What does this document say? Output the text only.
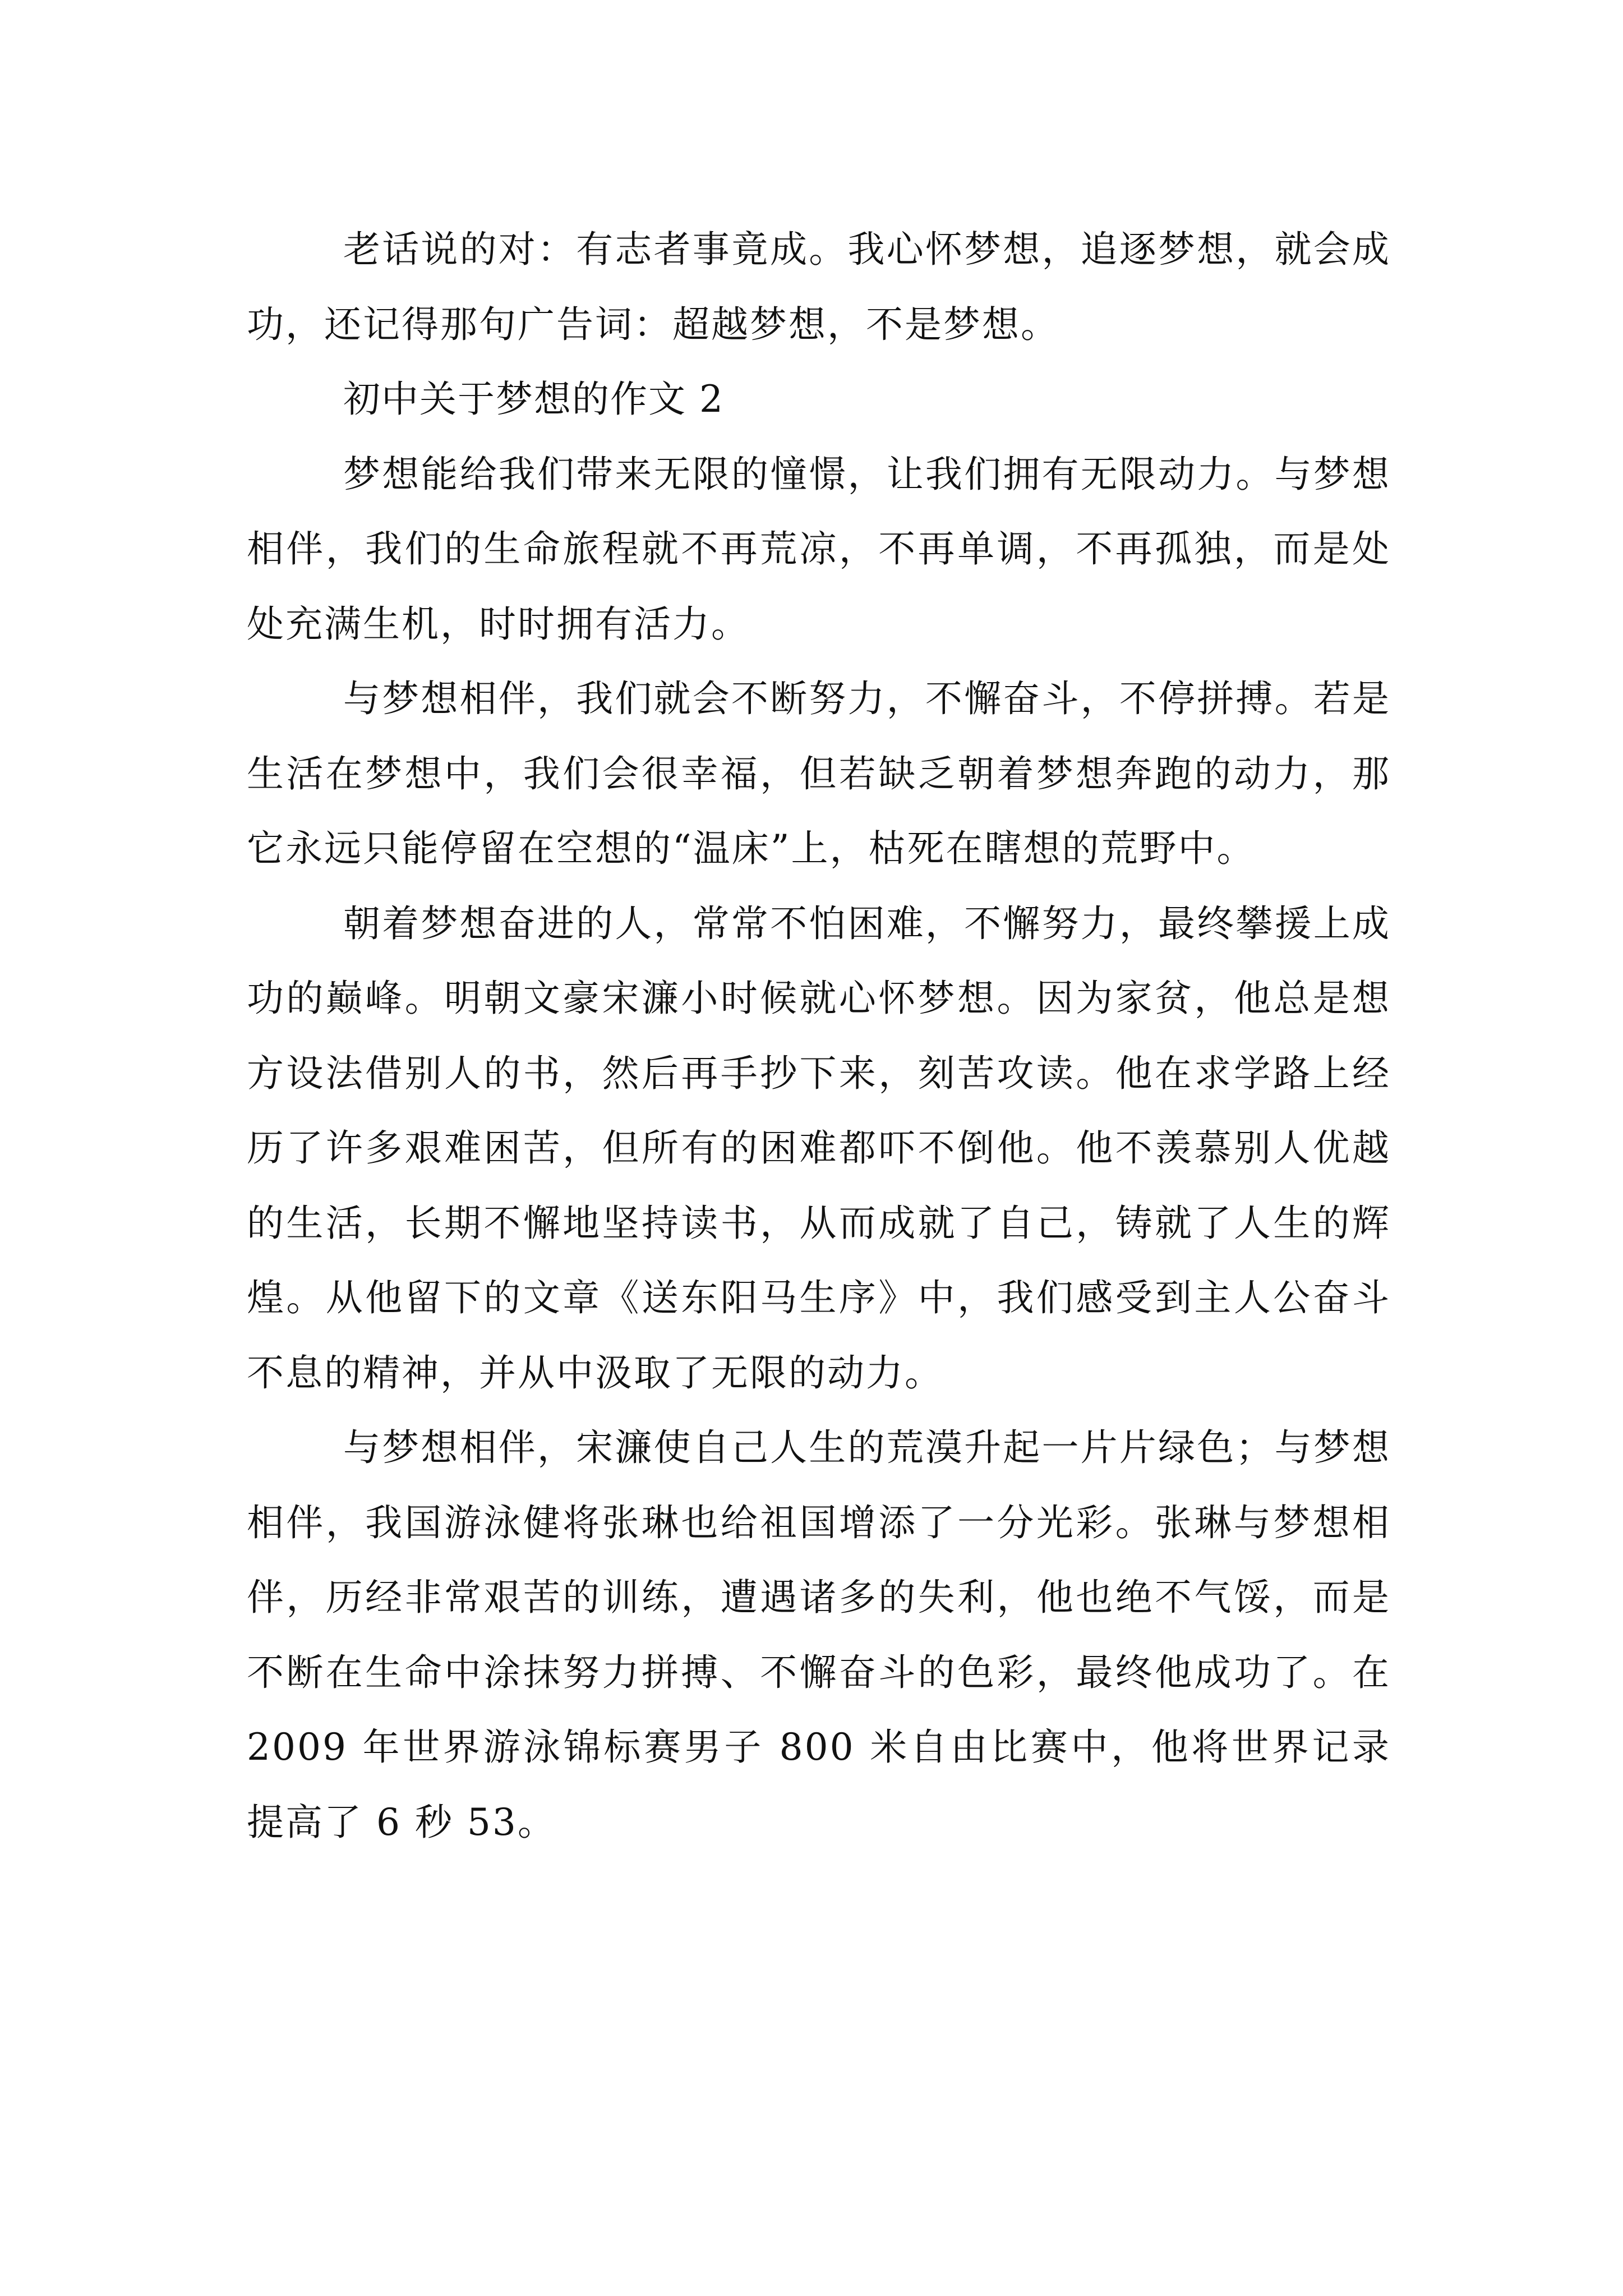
老话说的对：有志者事竟成。我心怀梦想，追逐梦想，就会成功，还记得那句广告词：超越梦想，不是梦想。

初中关于梦想的作文 2

梦想能给我们带来无限的憧憬，让我们拥有无限动力。与梦想相伴，我们的生命旅程就不再荒凉，不再单调，不再孤独，而是处处充满生机，时时拥有活力。

与梦想相伴，我们就会不断努力，不懈奋斗，不停拼搏。若是生活在梦想中，我们会很幸福，但若缺乏朝着梦想奔跑的动力，那它永远只能停留在空想的“温床”上，枯死在瞎想的荒野中。

朝着梦想奋进的人，常常不怕困难，不懈努力，最终攀援上成功的巅峰。明朝文豪宋濂小时候就心怀梦想。因为家贫，他总是想方设法借别人的书，然后再手抄下来，刻苦攻读。他在求学路上经历了许多艰难困苦，但所有的困难都吓不倒他。他不羡慕别人优越的生活，长期不懈地坚持读书，从而成就了自己，铸就了人生的辉煌。从他留下的文章《送东阳马生序》中，我们感受到主人公奋斗不息的精神，并从中汲取了无限的动力。

与梦想相伴，宋濂使自己人生的荒漠升起一片片绿色；与梦想相伴，我国游泳健将张琳也给祖国增添了一分光彩。张琳与梦想相伴，历经非常艰苦的训练，遭遇诸多的失利，他也绝不气馁，而是不断在生命中涂抹努力拼搏、不懈奋斗的色彩，最终他成功了。在 2009 年世界游泳锦标赛男子 800 米自由比赛中，他将世界记录提高了 6 秒 53。
